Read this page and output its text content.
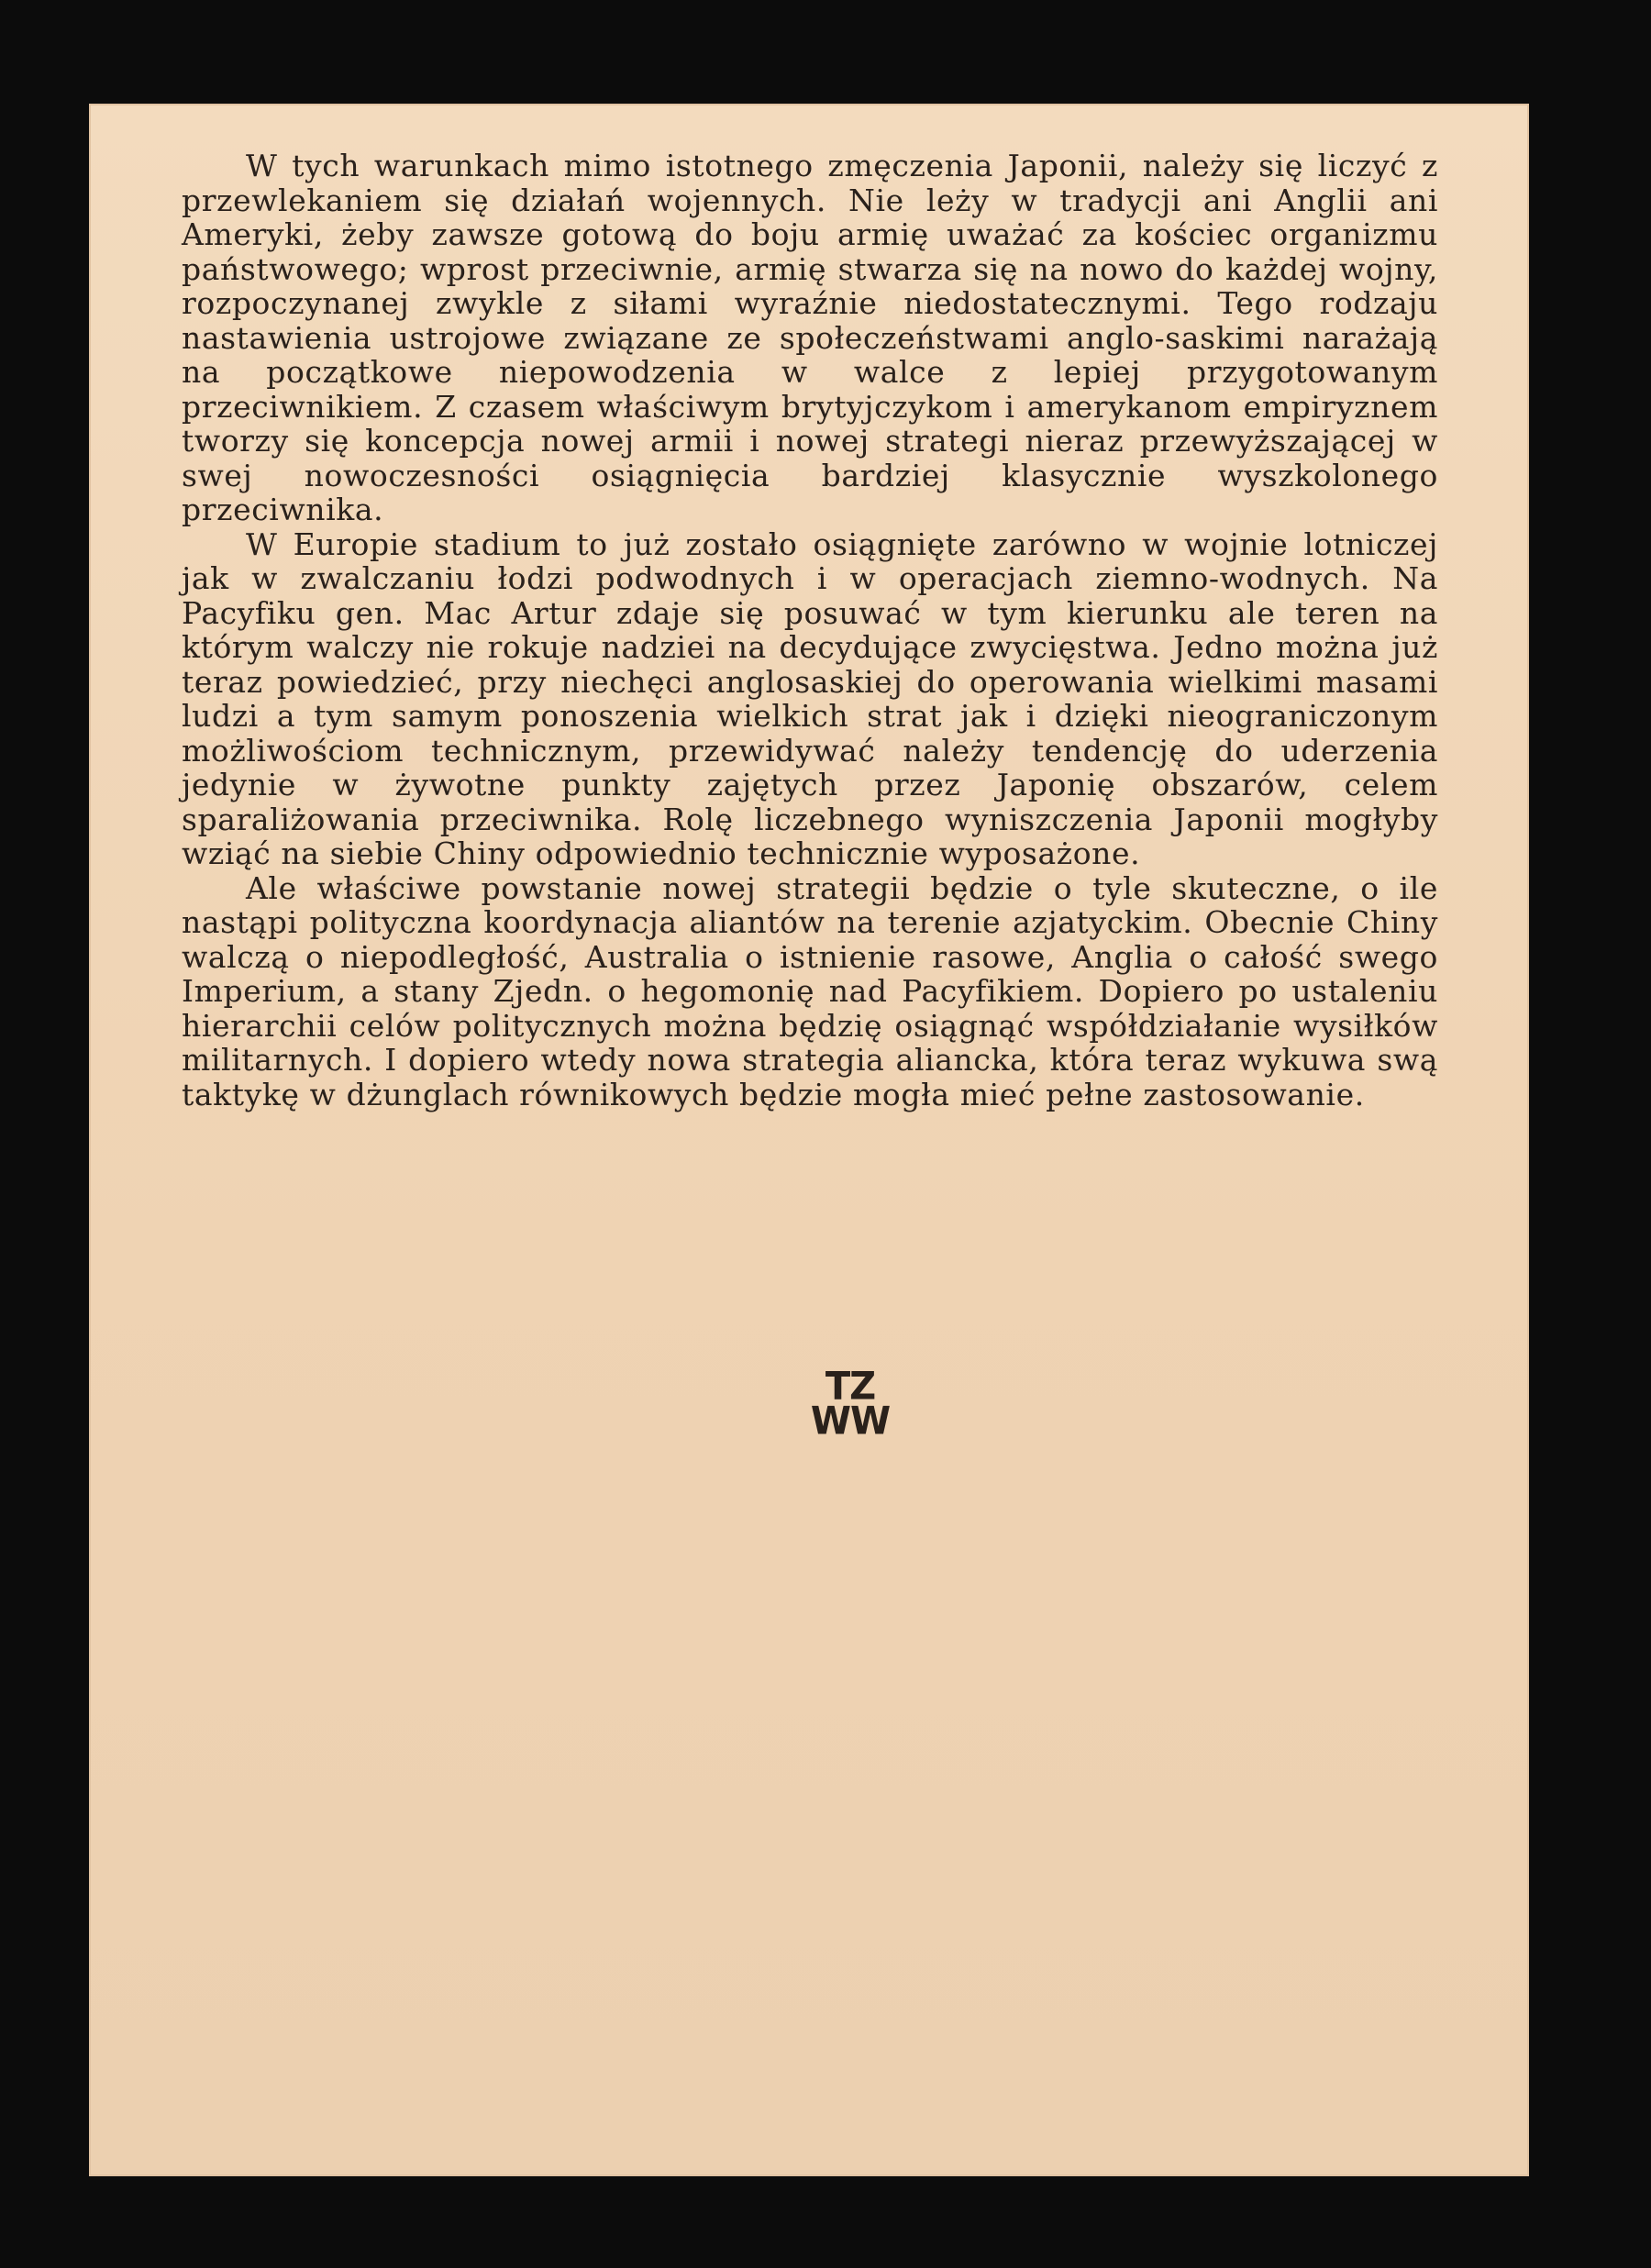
W tych warunkach mimo istotnego zmęczenia Japonii, należy się liczyć z przewlekaniem się działań wojennych. Nie leży w tradycji ani Anglii ani Ameryki, żeby zawsze gotową do boju armię uważać za kościec organizmu państwowego; wprost przeciwnie, armię stwarza się na nowo do każdej wojny, rozpoczynanej zwykle z siłami wyraźnie niedostatecznymi. Tego rodzaju nastawienia ustrojowe związane ze społeczeństwami anglo-saskimi narażają na początkowe niepowodzenia w walce z lepiej przygotowanym przeciwnikiem. Z czasem właściwym brytyjczykom i amerykanom empiryznem tworzy się koncepcja nowej armii i nowej strategi nieraz przewyższającej w swej nowoczesności osiągnięcia bardziej klasycznie wyszkolonego przeciwnika.

W Europie stadium to już zostało osiągnięte zarówno w wojnie lotniczej jak w zwalczaniu łodzi podwodnych i w operacjach ziemno-wodnych. Na Pacyfiku gen. Mac Artur zdaje się posuwać w tym kierunku ale teren na którym walczy nie rokuje nadziei na decydujące zwycięstwa. Jedno można już teraz powiedzieć, przy niechęci anglosaskiej do operowania wielkimi masami ludzi a tym samym ponoszenia wielkich strat jak i dzięki nieograniczonym możliwościom technicznym, przewidywać należy tendencję do uderzenia jedynie w żywotne punkty zajętych przez Japonię obszarów, celem sparaliżowania przeciwnika. Rolę liczebnego wyniszczenia Japonii mogłyby wziąć na siebie Chiny odpowiednio technicznie wyposażone.

Ale właściwe powstanie nowej strategii będzie o tyle skuteczne, o ile nastąpi polityczna koordynacja aliantów na terenie azjatyckim. Obecnie Chiny walczą o niepodległość, Australia o istnienie rasowe, Anglia o całość swego Imperium, a stany Zjedn. o hegomonię nad Pacyfikiem. Dopiero po ustaleniu hierarchii celów politycznych można będzię osiągnąć współdziałanie wysiłków militarnych. I dopiero wtedy nowa strategia aliancka, która teraz wykuwa swą taktykę w dżunglach równikowych będzie mogła mieć pełne zastosowanie.

TZ
WW
